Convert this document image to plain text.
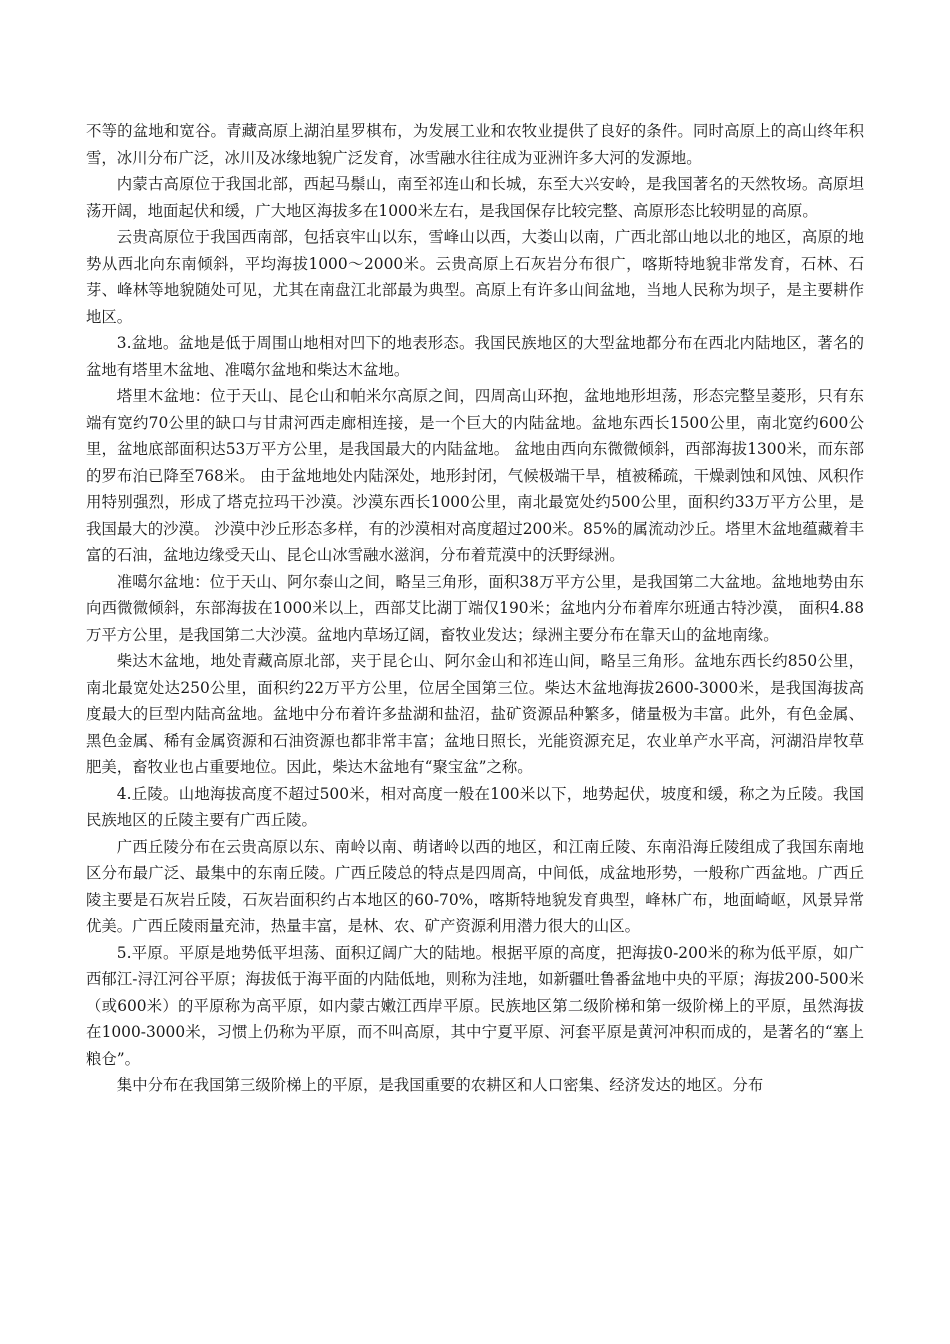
不等的盆地和宽谷。青藏高原上湖泊星罗棋布，为发展工业和农牧业提供了良好的条件。同时高原上的高山终年积雪，冰川分布广泛，冰川及冰缘地貌广泛发育，冰雪融水往往成为亚洲许多大河的发源地。

内蒙古高原位于我国北部，西起马鬃山，南至祁连山和长城，东至大兴安岭，是我国著名的天然牧场。高原坦荡开阔，地面起伏和缓，广大地区海拔多在1000米左右，是我国保存比较完整、高原形态比较明显的高原。

云贵高原位于我国西南部，包括哀牢山以东，雪峰山以西，大娄山以南，广西北部山地以北的地区，高原的地势从西北向东南倾斜，平均海拔1000～2000米。云贵高原上石灰岩分布很广，喀斯特地貌非常发育，石林、石芽、峰林等地貌随处可见，尤其在南盘江北部最为典型。高原上有许多山间盆地，当地人民称为坝子，是主要耕作地区。

3.盆地。盆地是低于周围山地相对凹下的地表形态。我国民族地区的大型盆地都分布在西北内陆地区，著名的盆地有塔里木盆地、准噶尔盆地和柴达木盆地。

塔里木盆地：位于天山、昆仑山和帕米尔高原之间，四周高山环抱，盆地地形坦荡，形态完整呈菱形，只有东端有宽约70公里的缺口与甘肃河西走廊相连接，是一个巨大的内陆盆地。盆地东西长1500公里，南北宽约600公里，盆地底部面积达53万平方公里，是我国最大的内陆盆地。 盆地由西向东微微倾斜，西部海拔1300米，而东部的罗布泊已降至768米。 由于盆地地处内陆深处，地形封闭，气候极端干旱，植被稀疏，干燥剥蚀和风蚀、风积作用特别强烈，形成了塔克拉玛干沙漠。沙漠东西长1000公里，南北最宽处约500公里，面积约33万平方公里，是我国最大的沙漠。 沙漠中沙丘形态多样，有的沙漠相对高度超过200米。85%的属流动沙丘。塔里木盆地蕴藏着丰富的石油，盆地边缘受天山、昆仑山冰雪融水滋润，分布着荒漠中的沃野绿洲。

准噶尔盆地：位于天山、阿尔泰山之间，略呈三角形，面积38万平方公里，是我国第二大盆地。盆地地势由东向西微微倾斜，东部海拔在1000米以上，西部艾比湖丁端仅190米；盆地内分布着库尔班通古特沙漠， 面积4.88万平方公里，是我国第二大沙漠。盆地内草场辽阔，畜牧业发达；绿洲主要分布在靠天山的盆地南缘。

柴达木盆地，地处青藏高原北部，夹于昆仑山、阿尔金山和祁连山间，略呈三角形。盆地东西长约850公里，南北最宽处达250公里，面积约22万平方公里，位居全国第三位。柴达木盆地海拔2600-3000米，是我国海拔高度最大的巨型内陆高盆地。盆地中分布着许多盐湖和盐沼，盐矿资源品种繁多，储量极为丰富。此外，有色金属、黑色金属、稀有金属资源和石油资源也都非常丰富；盆地日照长，光能资源充足，农业单产水平高，河湖沿岸牧草肥美，畜牧业也占重要地位。因此，柴达木盆地有“聚宝盆”之称。

4.丘陵。山地海拔高度不超过500米，相对高度一般在100米以下，地势起伏，坡度和缓，称之为丘陵。我国民族地区的丘陵主要有广西丘陵。

广西丘陵分布在云贵高原以东、南岭以南、萌诸岭以西的地区，和江南丘陵、东南沿海丘陵组成了我国东南地区分布最广泛、最集中的东南丘陵。广西丘陵总的特点是四周高，中间低，成盆地形势，一般称广西盆地。广西丘陵主要是石灰岩丘陵，石灰岩面积约占本地区的60-70%，喀斯特地貌发育典型，峰林广布，地面崎岖，风景异常优美。广西丘陵雨量充沛，热量丰富，是林、农、矿产资源利用潜力很大的山区。

5.平原。平原是地势低平坦荡、面积辽阔广大的陆地。根据平原的高度，把海拔0-200米的称为低平原，如广西郁江-浔江河谷平原；海拔低于海平面的内陆低地，则称为洼地，如新疆吐鲁番盆地中央的平原；海拔200-500米（或600米）的平原称为高平原，如内蒙古嫩江西岸平原。民族地区第二级阶梯和第一级阶梯上的平原，虽然海拔在1000-3000米，习惯上仍称为平原，而不叫高原，其中宁夏平原、河套平原是黄河冲积而成的，是著名的“塞上粮仓”。

集中分布在我国第三级阶梯上的平原，是我国重要的农耕区和人口密集、经济发达的地区。分布
